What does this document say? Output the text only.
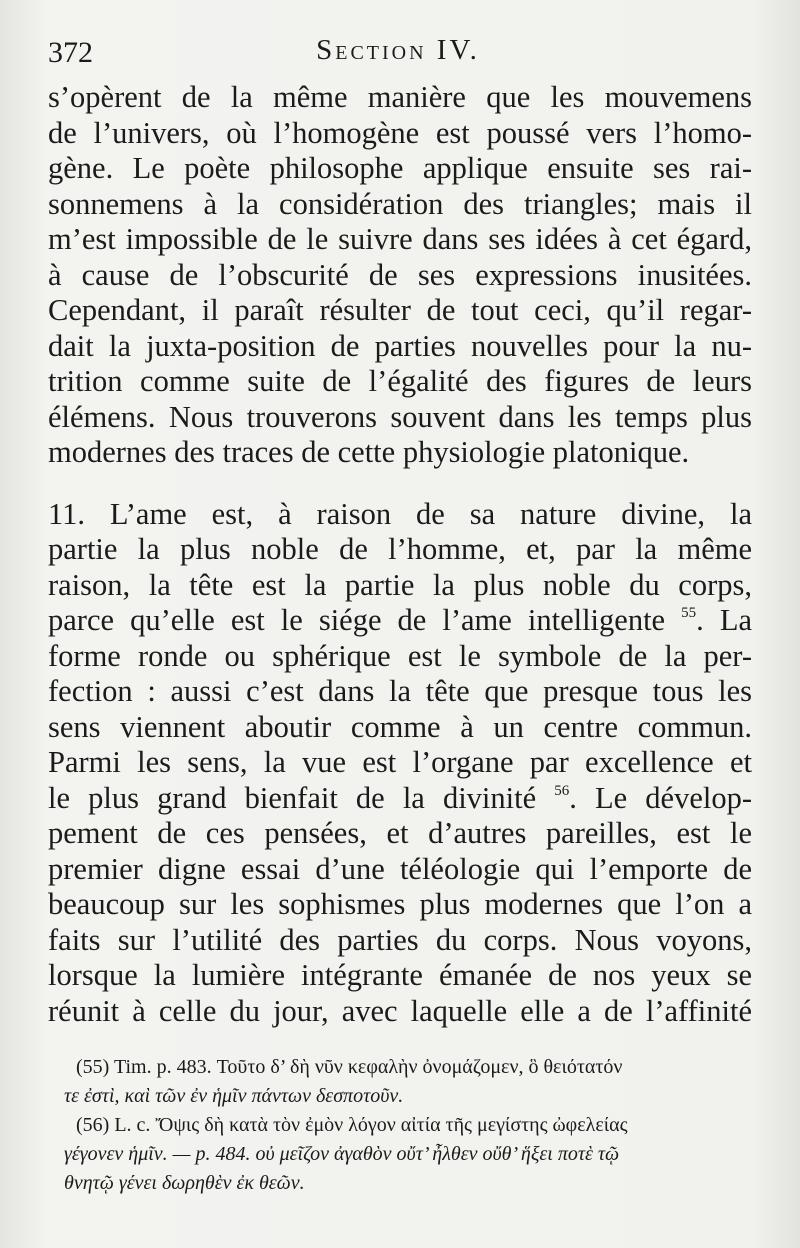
372	Section IV.
s’opèrent de la même manière que les mouvemens
de l’univers, où l’homogène est poussé vers l’homo-
gène. Le poète philosophe applique ensuite ses rai-
sonnemens à la considération des triangles; mais il
m’est impossible de le suivre dans ses idées à cet égard,
à cause de l’obscurité de ses expressions inusitées.
Cependant, il paraît résulter de tout ceci, qu’il regar-
dait la juxta-position de parties nouvelles pour la nu-
trition comme suite de l’égalité des figures de leurs
élémens. Nous trouverons souvent dans les temps plus
modernes des traces de cette physiologie platonique.
11. L’ame est, à raison de sa nature divine, la
partie la plus noble de l’homme, et, par la même
raison, la tête est la partie la plus noble du corps,
parce qu’elle est le siége de l’ame intelligente $^{55}$. La
forme ronde ou sphérique est le symbole de la per-
fection : aussi c’est dans la tête que presque tous les
sens viennent aboutir comme à un centre commun.
Parmi les sens, la vue est l’organe par excellence et
le plus grand bienfait de la divinité $^{56}$. Le dévelop-
pement de ces pensées, et d’autres pareilles, est le
premier digne essai d’une téléologie qui l’emporte de
beaucoup sur les sophismes plus modernes que l’on a
faits sur l’utilité des parties du corps. Nous voyons,
lorsque la lumière intégrante émanée de nos yeux se
réunit à celle du jour, avec laquelle elle a de l’affinité
(55) Tim. p. 483. Τοῦτο δ’ δὴ νῦν κεφαλὴν ὀνομάζομεν, ὃ θειότατόν
τε ἐστὶ, καὶ τῶν ἐν ἡμῖν πάντων δεσποτοῦν.
(56) L. c. Ὄψις δὴ κατὰ τὸν ἐμὸν λόγον αἰτία τῆς μεγίστης ὠφελείας
γέγονεν ἡμῖν. — p. 484. οὐ μεῖζον ἀγαθὸν οὔτ’ ἦλθεν οὔθ’ ἥξει ποτὲ τῷ
θνητῷ γένει δωρηθὲν ἐκ θεῶν.
